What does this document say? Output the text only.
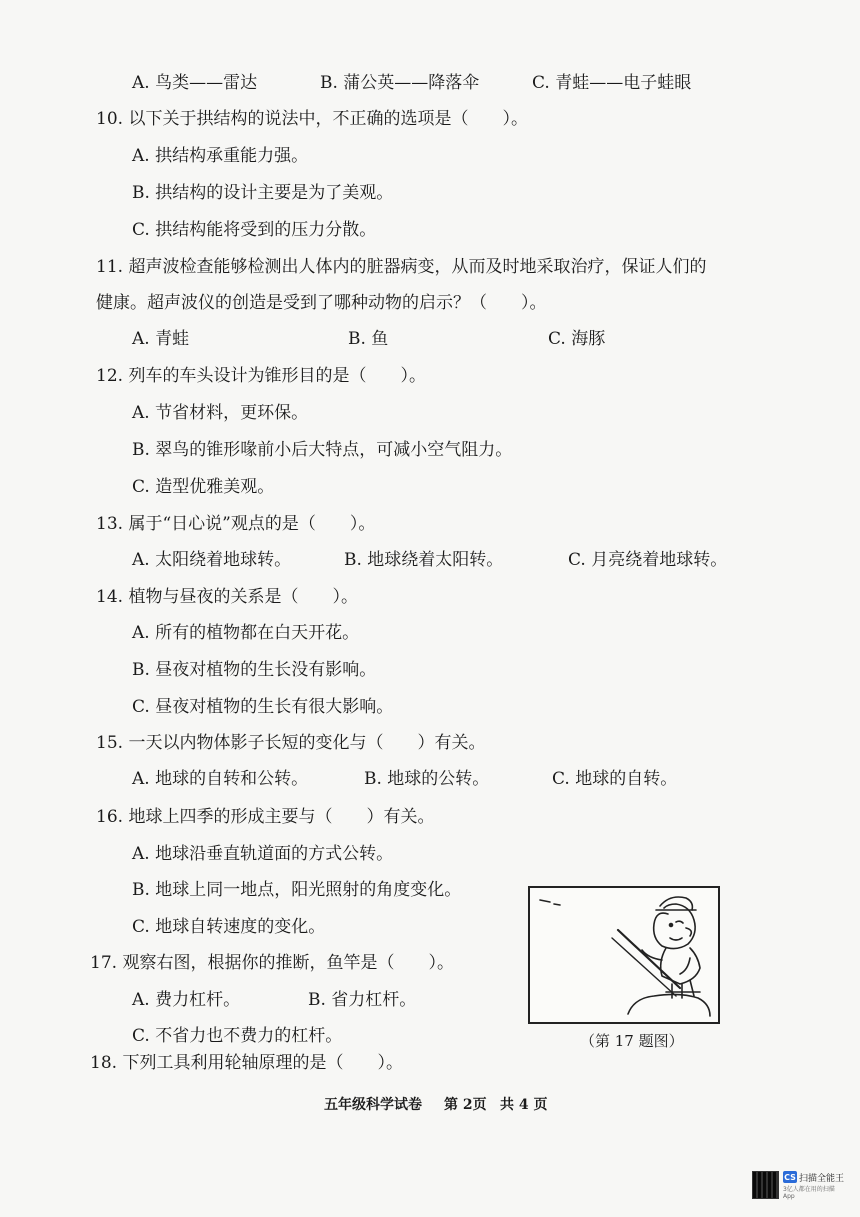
A. 鸟类——雷达	B. 蒲公英——降落伞	C. 青蛙——电子蛙眼
10. 以下关于拱结构的说法中，不正确的选项是（　　）。
A. 拱结构承重能力强。
B. 拱结构的设计主要是为了美观。
C. 拱结构能将受到的压力分散。
11. 超声波检查能够检测出人体内的脏器病变，从而及时地采取治疗，保证人们的
健康。超声波仪的创造是受到了哪种动物的启示？（　　）。
A. 青蛙	B. 鱼	C. 海豚
12. 列车的车头设计为锥形目的是（　　）。
A. 节省材料，更环保。
B. 翠鸟的锥形喙前小后大特点，可减小空气阻力。
C. 造型优雅美观。
13. 属于“日心说”观点的是（　　）。
A. 太阳绕着地球转。	B. 地球绕着太阳转。	C. 月亮绕着地球转。
14. 植物与昼夜的关系是（　　）。
A. 所有的植物都在白天开花。
B. 昼夜对植物的生长没有影响。
C. 昼夜对植物的生长有很大影响。
15. 一天以内物体影子长短的变化与（　　）有关。
A. 地球的自转和公转。	B. 地球的公转。	C. 地球的自转。
16. 地球上四季的形成主要与（　　）有关。
A. 地球沿垂直轨道面的方式公转。
B. 地球上同一地点，阳光照射的角度变化。
C. 地球自转速度的变化。
17. 观察右图，根据你的推断，鱼竿是（　　）。
A. 费力杠杆。	B. 省力杠杆。
C. 不省力也不费力的杠杆。	（第 17 题图）
18. 下列工具利用轮轴原理的是（　　）。
五年级科学试卷 第 2页 共 4 页
CS 扫描全能王
3亿人都在用的扫描App
